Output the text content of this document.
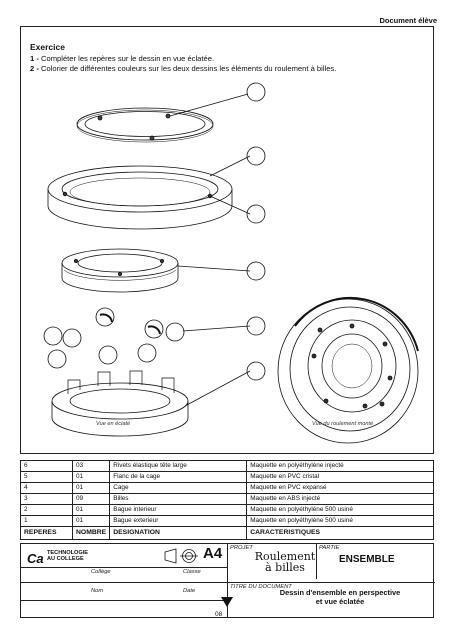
Document élève
Exercice
1 - Compléter les repères sur le dessin en vue éclatée.
2 - Colorier de différentes couleurs sur les deux dessins les éléments du roulement à billes.
Vue en éclaté	Vue du roulement monté
6	03	Rivets élastique tête large	Maquette en polyéthylène injecté
5	01	Flanc de la cage	Maquette en PVC cristal
4	01	Cage	Maquette en PVC expansé
3	09	Billes	Maquette en ABS injecté
2	01	Bague interieur	Maquette en polyéthylène 500 usiné
1	01	Bague exterieur	Maquette en polyéthylène 500 usiné
REPERES	NOMBRE	DESIGNATION	CARACTERISTIQUES
Ca TECHNOLOGIE
AU COLLEGE	A4
Collège	Classe
Nom	Date
PROJET
Roulement
à billes
PARTIE
ENSEMBLE
TITRE DU DOCUMENT
Dessin d'ensemble en perspective
et vue éclatée
08
